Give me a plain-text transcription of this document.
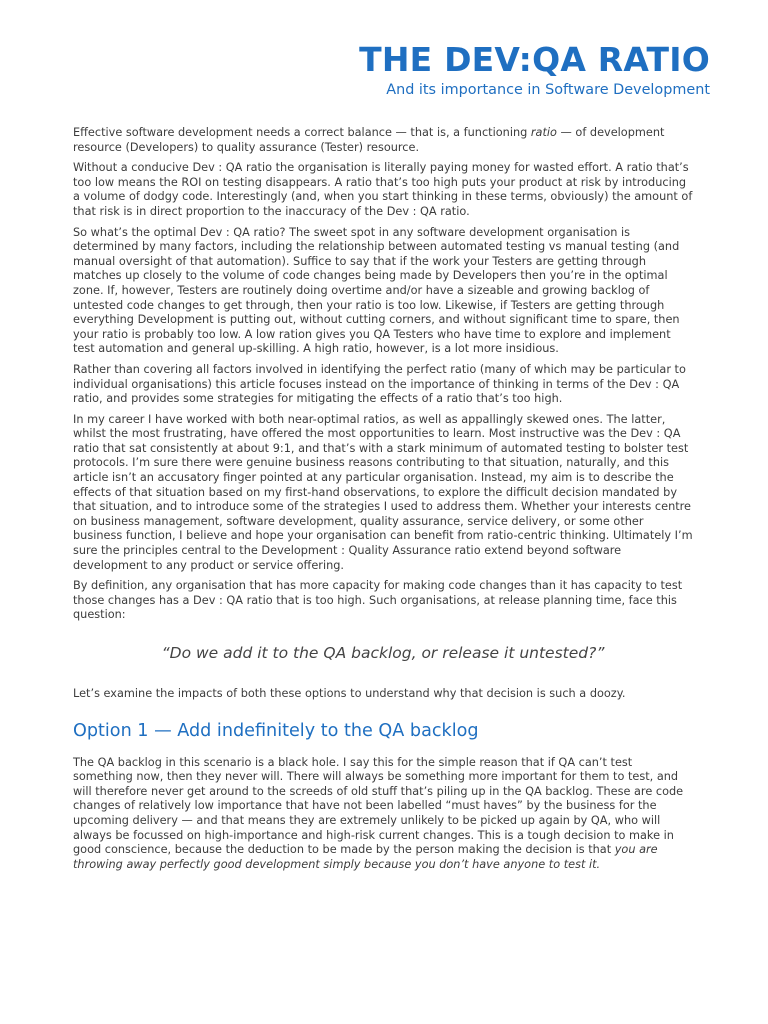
THE DEV:QA RATIO
And its importance in Software Development

Effective software development needs a correct balance — that is, a functioning ratio — of development resource (Developers) to quality assurance (Tester) resource.

Without a conducive Dev : QA ratio the organisation is literally paying money for wasted effort. A ratio that’s too low means the ROI on testing disappears. A ratio that’s too high puts your product at risk by introducing a volume of dodgy code. Interestingly (and, when you start thinking in these terms, obviously) the amount of that risk is in direct proportion to the inaccuracy of the Dev : QA ratio.

So what’s the optimal Dev : QA ratio? The sweet spot in any software development organisation is determined by many factors, including the relationship between automated testing vs manual testing (and manual oversight of that automation). Suffice to say that if the work your Testers are getting through matches up closely to the volume of code changes being made by Developers then you’re in the optimal zone. If, however, Testers are routinely doing overtime and/or have a sizeable and growing backlog of untested code changes to get through, then your ratio is too low. Likewise, if Testers are getting through everything Development is putting out, without cutting corners, and without significant time to spare, then your ratio is probably too low. A low ration gives you QA Testers who have time to explore and implement test automation and general up-skilling. A high ratio, however, is a lot more insidious.

Rather than covering all factors involved in identifying the perfect ratio (many of which may be particular to individual organisations) this article focuses instead on the importance of thinking in terms of the Dev : QA ratio, and provides some strategies for mitigating the effects of a ratio that’s too high.

In my career I have worked with both near-optimal ratios, as well as appallingly skewed ones. The latter, whilst the most frustrating, have offered the most opportunities to learn. Most instructive was the Dev : QA ratio that sat consistently at about 9:1, and that’s with a stark minimum of automated testing to bolster test protocols. I’m sure there were genuine business reasons contributing to that situation, naturally, and this article isn’t an accusatory finger pointed at any particular organisation. Instead, my aim is to describe the effects of that situation based on my first-hand observations, to explore the difficult decision mandated by that situation, and to introduce some of the strategies I used to address them. Whether your interests centre on business management, software development, quality assurance, service delivery, or some other business function, I believe and hope your organisation can benefit from ratio-centric thinking. Ultimately I’m sure the principles central to the Development : Quality Assurance ratio extend beyond software development to any product or service offering.

By definition, any organisation that has more capacity for making code changes than it has capacity to test those changes has a Dev : QA ratio that is too high. Such organisations, at release planning time, face this question:

“Do we add it to the QA backlog, or release it untested?”

Let’s examine the impacts of both these options to understand why that decision is such a doozy.

Option 1 — Add indefinitely to the QA backlog

The QA backlog in this scenario is a black hole. I say this for the simple reason that if QA can’t test something now, then they never will. There will always be something more important for them to test, and will therefore never get around to the screeds of old stuff that’s piling up in the QA backlog. These are code changes of relatively low importance that have not been labelled “must haves” by the business for the upcoming delivery — and that means they are extremely unlikely to be picked up again by QA, who will always be focussed on high-importance and high-risk current changes. This is a tough decision to make in good conscience, because the deduction to be made by the person making the decision is that you are throwing away perfectly good development simply because you don’t have anyone to test it.
